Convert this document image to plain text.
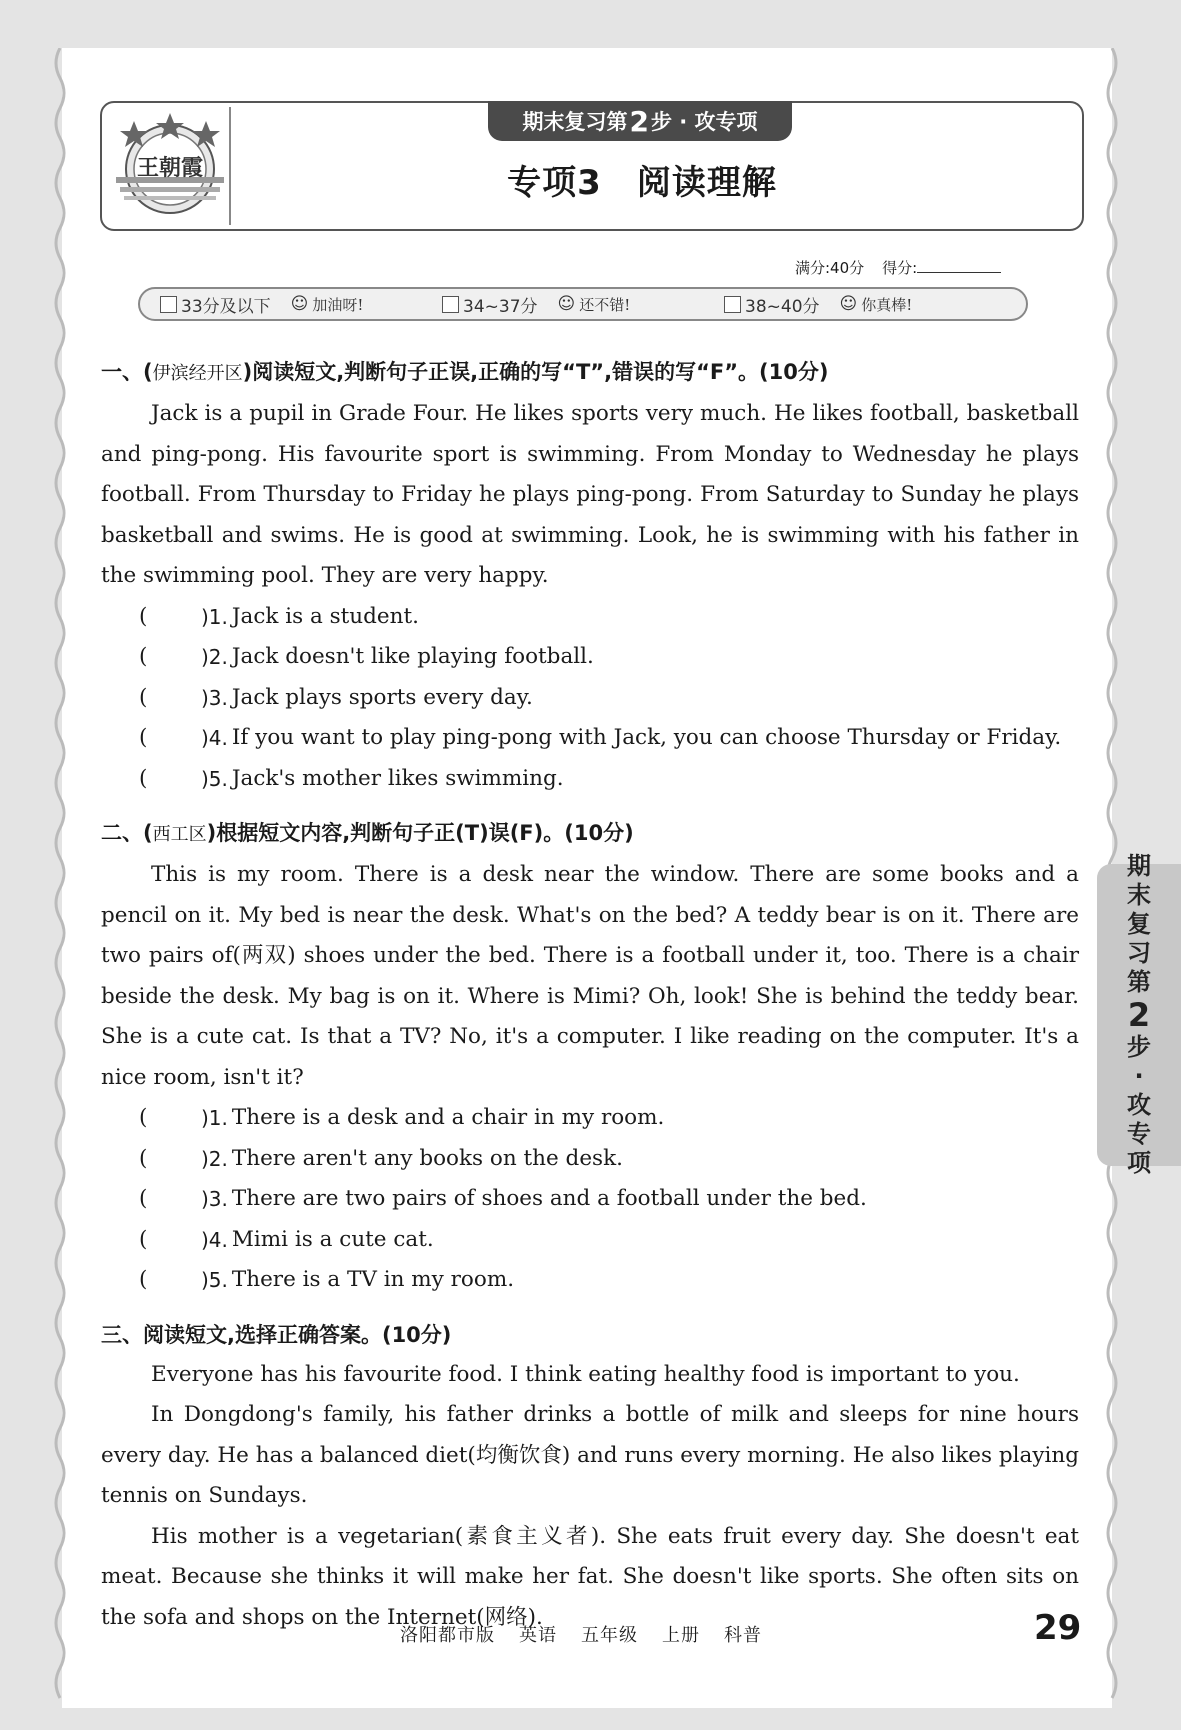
王朝霞
期末复习第 2 步 · 攻专项
专项3　阅读理解
满分:40分 得分:
33分及以下 ☺ 加油呀!	34~37分 ☺ 还不错!	38~40分 ☺ 你真棒!

一、(伊滨经开区)阅读短文,判断句子正误,正确的写“T”,错误的写“F”。(10分)

Jack is a pupil in Grade Four. He likes sports very much. He likes football, basketball and ping-pong. His favourite sport is swimming. From Monday to Wednesday he plays football. From Thursday to Friday he plays ping-pong. From Saturday to Sunday he plays basketball and swims. He is good at swimming. Look, he is swimming with his father in the swimming pool. They are very happy.

(	)1. Jack is a student.
(	)2. Jack doesn't like playing football.
(	)3. Jack plays sports every day.
(	)4. If you want to play ping-pong with Jack, you can choose Thursday or Friday.
(	)5. Jack's mother likes swimming.

二、(西工区)根据短文内容,判断句子正(T)误(F)。(10分)

This is my room. There is a desk near the window. There are some books and a pencil on it. My bed is near the desk. What's on the bed? A teddy bear is on it. There are two pairs of(两双) shoes under the bed. There is a football under it, too. There is a chair beside the desk. My bag is on it. Where is Mimi? Oh, look! She is behind the teddy bear. She is a cute cat. Is that a TV? No, it's a computer. I like reading on the computer. It's a nice room, isn't it?

(	)1. There is a desk and a chair in my room.
(	)2. There aren't any books on the desk.
(	)3. There are two pairs of shoes and a football under the bed.
(	)4. Mimi is a cute cat.
(	)5. There is a TV in my room.

三、阅读短文,选择正确答案。(10分)

Everyone has his favourite food. I think eating healthy food is important to you.

In Dongdong's family, his father drinks a bottle of milk and sleeps for nine hours every day. He has a balanced diet(均衡饮食) and runs every morning. He also likes playing tennis on Sundays.

His mother is a vegetarian(素食主义者). She eats fruit every day. She doesn't eat meat. Because she thinks it will make her fat. She doesn't like sports. She often sits on the sofa and shops on the Internet(网络).

期
末
复
习
第
2
步
·
攻
专
项
洛阳都市版 英语 五年级 上册 科普	29
